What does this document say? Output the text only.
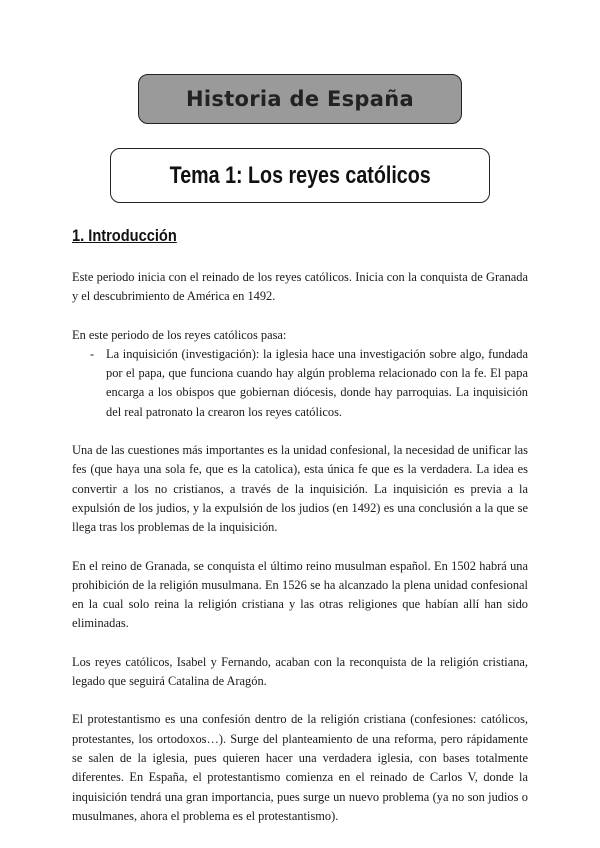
Historia de España
Tema 1: Los reyes católicos
1. Introducción

Este periodo inicia con el reinado de los reyes católicos. Inicia con la conquista de Granada y el descubrimiento de América en 1492.

En este periodo de los reyes católicos pasa:

- La inquisición (investigación): la iglesia hace una investigación sobre algo, fundada por el papa, que funciona cuando hay algún problema relacionado con la fe. El papa encarga a los obispos que gobiernan diócesis, donde hay parroquias. La inquisición del real patronato la crearon los reyes católicos.

Una de las cuestiones más importantes es la unidad confesional, la necesidad de unificar las fes (que haya una sola fe, que es la catolica), esta única fe que es la verdadera. La idea es convertir a los no cristianos, a través de la inquisición. La inquisición es previa a la expulsión de los judios, y la expulsión de los judios (en 1492) es una conclusión a la que se llega tras los problemas de la inquisición.

En el reino de Granada, se conquista el último reino musulman español. En 1502 habrá una prohibición de la religión musulmana. En 1526 se ha alcanzado la plena unidad confesional en la cual solo reina la religión cristiana y las otras religiones que habían allí han sido eliminadas.

Los reyes católicos, Isabel y Fernando, acaban con la reconquista de la religión cristiana, legado que seguirá Catalina de Aragón.

El protestantismo es una confesión dentro de la religión cristiana (confesiones: católicos, protestantes, los ortodoxos…). Surge del planteamiento de una reforma, pero rápidamente se salen de la iglesia, pues quieren hacer una verdadera iglesia, con bases totalmente diferentes. En España, el protestantismo comienza en el reinado de Carlos V, donde la inquisición tendrá una gran importancia, pues surge un nuevo problema (ya no son judios o musulmanes, ahora el problema es el protestantismo).
